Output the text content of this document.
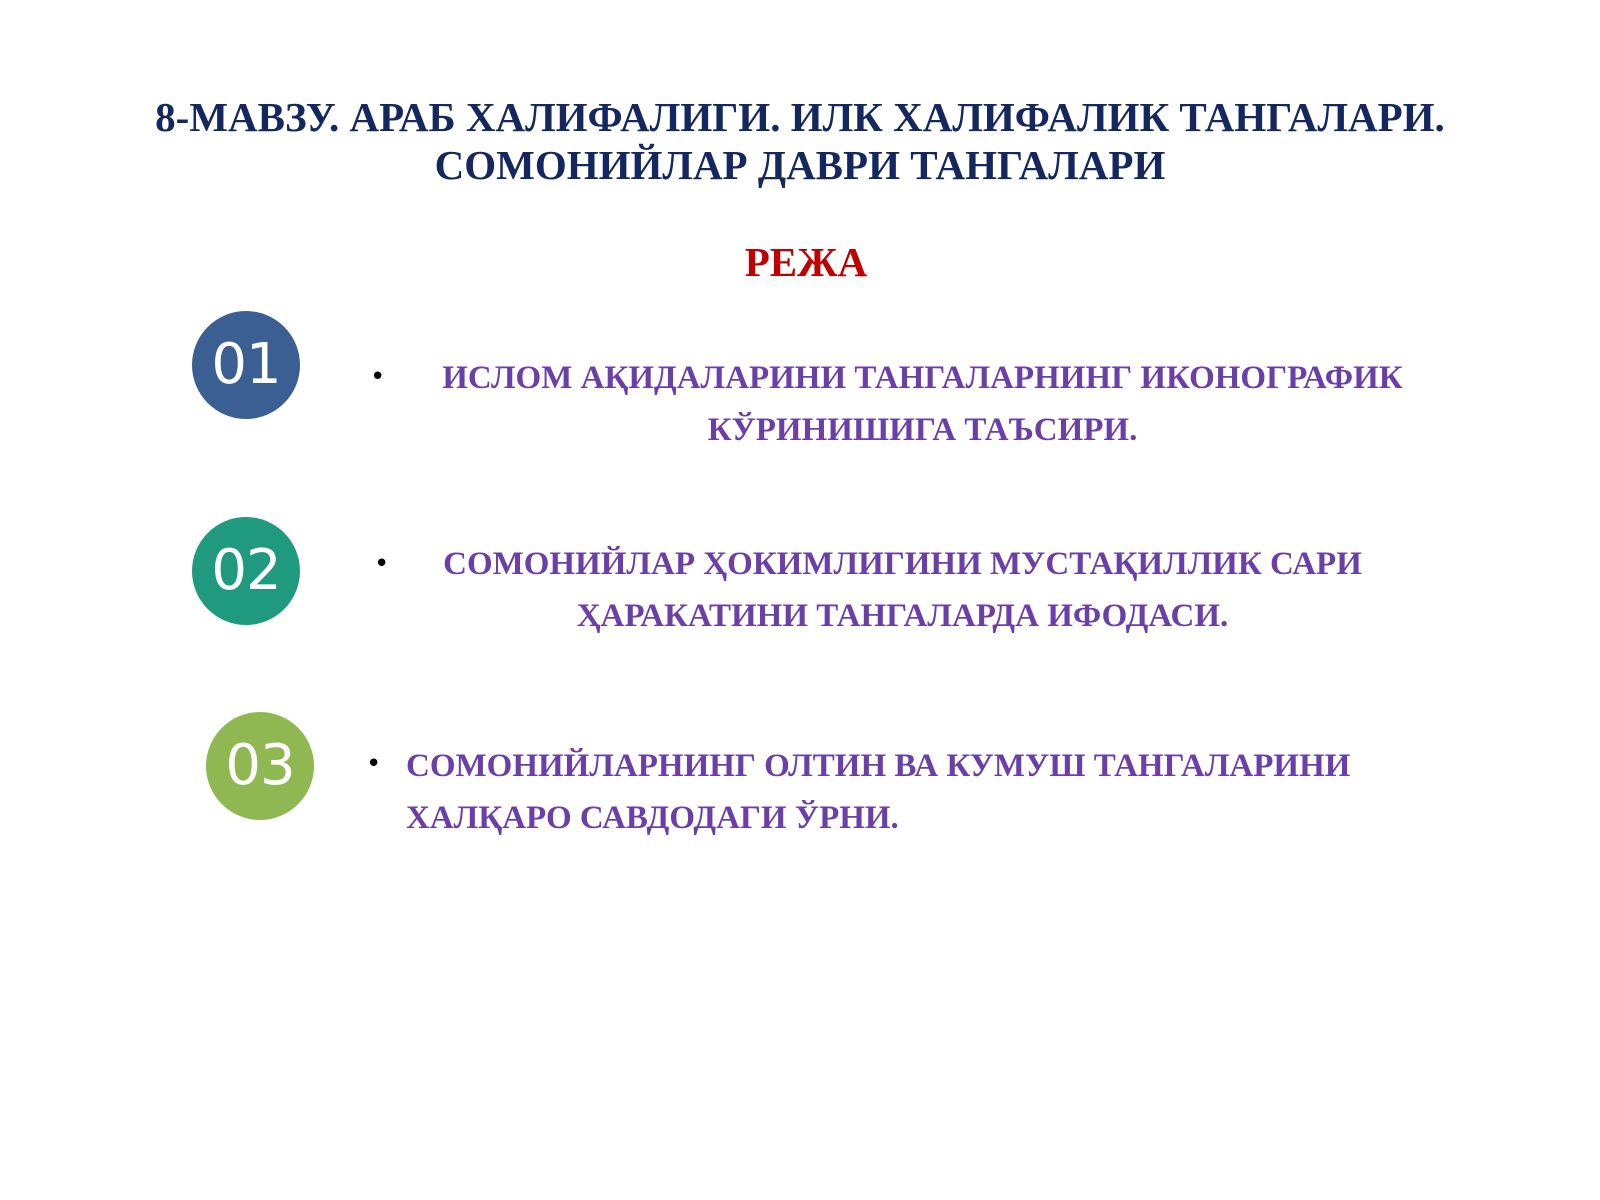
8-МАВЗУ. АРАБ ХАЛИФАЛИГИ. ИЛК ХАЛИФАЛИК ТАНГАЛАРИ.
СОМОНИЙЛАР ДАВРИ ТАНГАЛАРИ
РЕЖА
01	•	ИСЛОМ АҚИДАЛАРИНИ ТАНГАЛАРНИНГ ИКОНОГРАФИК
КЎРИНИШИГА ТАЪСИРИ.

02	•	СОМОНИЙЛАР ҲОКИМЛИГИНИ МУСТАҚИЛЛИК САРИ
ҲАРАКАТИНИ ТАНГАЛАРДА ИФОДАСИ.

03	• СОМОНИЙЛАРНИНГ ОЛТИН ВА КУМУШ ТАНГАЛАРИНИ
ХАЛҚАРО САВДОДАГИ ЎРНИ.
